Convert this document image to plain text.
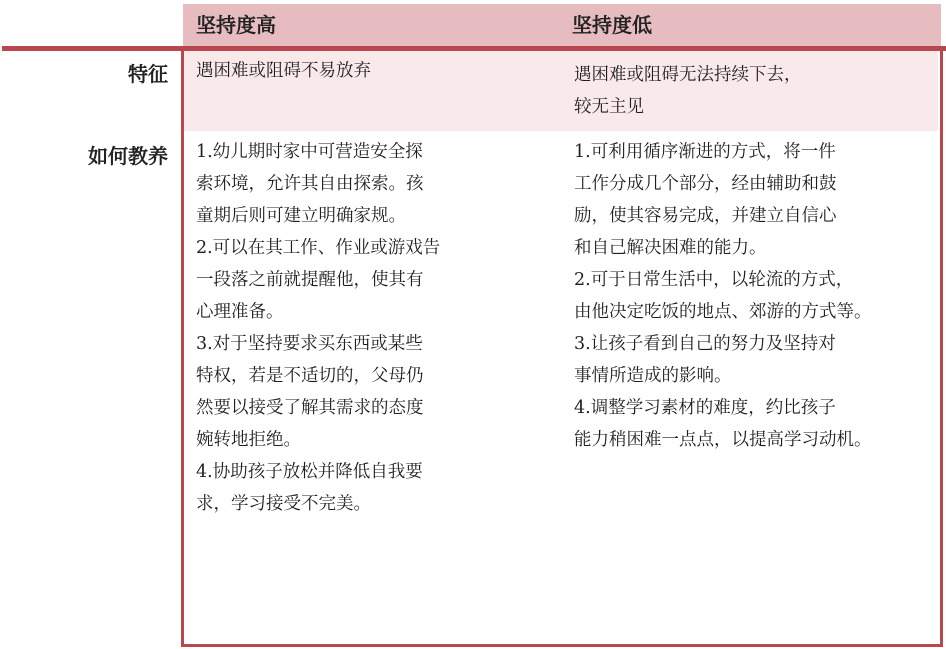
坚持度高	坚持度低
特征 遇困难或阻碍不易放弃	遇困难或阻碍无法持续下去，
较无主见
如何教养 1.幼儿期时家中可营造安全探
索环境，允许其自由探索。孩
童期后则可建立明确家规。
2.可以在其工作、作业或游戏告
一段落之前就提醒他，使其有
心理准备。
3.对于坚持要求买东西或某些
特权，若是不适切的，父母仍
然要以接受了解其需求的态度
婉转地拒绝。
4.协助孩子放松并降低自我要
求，学习接受不完美。
1.可利用循序渐进的方式，将一件
工作分成几个部分，经由辅助和鼓
励，使其容易完成，并建立自信心
和自己解决困难的能力。
2.可于日常生活中，以轮流的方式，
由他决定吃饭的地点、郊游的方式等。
3.让孩子看到自己的努力及坚持对
事情所造成的影响。
4.调整学习素材的难度，约比孩子
能力稍困难一点点，以提高学习动机。
